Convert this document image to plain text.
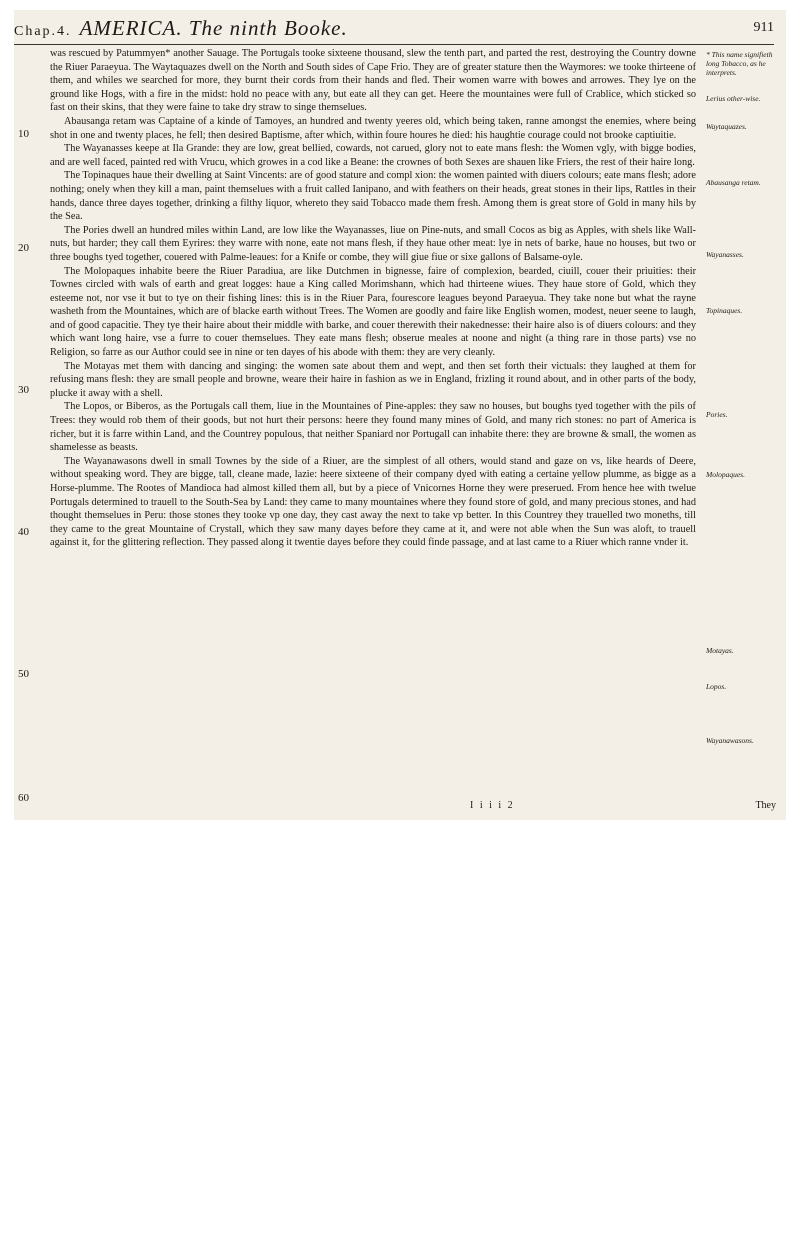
Chap.4. AMERICA. The ninth Booke.	911
10
20
30
40
50
60

was rescued by Patummyen* another Sauage. The Portugals tooke sixteene thousand, slew the tenth part, and parted the rest, destroying the Country downe the Riuer Paraeyua. The Waytaquazes dwell on the North and South sides of Cape Frio. They are of greater stature then the Waymores: we tooke thirteene of them, and whiles we searched for more, they burnt their cords from their hands and fled. Their women warre with bowes and arrowes. They lye on the ground like Hogs, with a fire in the midst: hold no peace with any, but eate all they can get. Heere the mountaines were full of Crablice, which sticked so fast on their skins, that they were faine to take dry straw to singe themselues.

Abausanga retam was Captaine of a kinde of Tamoyes, an hundred and twenty yeeres old, which being taken, ranne amongst the enemies, where being shot in one and twenty places, he fell; then desired Baptisme, after which, within foure houres he died: his haughtie courage could not brooke captiuitie.

The Wayanasses keepe at Ila Grande: they are low, great bellied, cowards, not carued, glory not to eate mans flesh: the Women vgly, with bigge bodies, and are well faced, painted red with Vrucu, which growes in a cod like a Beane: the crownes of both Sexes are shauen like Friers, the rest of their haire long.

The Topinaques haue their dwelling at Saint Vincents: are of good stature and compl xion: the women painted with diuers colours; eate mans flesh; adore nothing; onely when they kill a man, paint themselues with a fruit called Ianipano, and with feathers on their heads, great stones in their lips, Rattles in their hands, dance three dayes together, drinking a filthy liquor, whereto they said Tobacco made them fresh. Among them is great store of Gold in many hils by the Sea.

The Pories dwell an hundred miles within Land, are low like the Wayanasses, liue on Pine-nuts, and small Cocos as big as Apples, with shels like Wall-nuts, but harder; they call them Eyrires: they warre with none, eate not mans flesh, if they haue other meat: lye in nets of barke, haue no houses, but two or three boughs tyed together, couered with Palme-leaues: for a Knife or combe, they will giue fiue or sixe gallons of Balsame-oyle.

The Molopaques inhabite beere the Riuer Paradiua, are like Dutchmen in bignesse, faire of complexion, bearded, ciuill, couer their priuities: their Townes circled with wals of earth and great logges: haue a King called Morimshann, which had thirteene wiues. They haue store of Gold, which they esteeme not, nor vse it but to tye on their fishing lines: this is in the Riuer Para, fourescore leagues beyond Paraeyua. They take none but what the rayne washeth from the Mountaines, which are of blacke earth without Trees. The Women are goodly and faire like English women, modest, neuer seene to laugh, and of good capacitie. They tye their haire about their middle with barke, and couer therewith their nakednesse: their haire also is of diuers colours: and they which want long haire, vse a furre to couer themselues. They eate mans flesh; obserue meales at noone and night (a thing rare in those parts) vse no Religion, so farre as our Author could see in nine or ten dayes of his abode with them: they are very cleanly.

The Motayas met them with dancing and singing: the women sate about them and wept, and then set forth their victuals: they laughed at them for refusing mans flesh: they are small people and browne, weare their haire in fashion as we in England, frizling it round about, and in other parts of the body, plucke it away with a shell.

The Lopos, or Biberos, as the Portugals call them, liue in the Mountaines of Pine-apples: they saw no houses, but boughs tyed together with the pils of Trees: they would rob them of their goods, but not hurt their persons: heere they found many mines of Gold, and many rich stones: no part of America is richer, but it is farre within Land, and the Countrey populous, that neither Spaniard nor Portugall can inhabite there: they are browne & small, the women as shamelesse as beasts.

The Wayanawasons dwell in small Townes by the side of a Riuer, are the simplest of all others, would stand and gaze on vs, like heards of Deere, without speaking word. They are bigge, tall, cleane made, lazie: heere sixteene of their company dyed with eating a certaine yellow plumme, as bigge as a Horse-plumme. The Rootes of Mandioca had almost killed them all, but by a piece of Vnicornes Horne they were preserued. From hence hee with twelue Portugals determined to trauell to the South-Sea by Land: they came to many mountaines where they found store of gold, and many precious stones, and had thought themselues in Peru: those stones they tooke vp one day, they cast away the next to take vp better. In this Countrey they trauelled two moneths, till they came to the great Mountaine of Crystall, which they saw many dayes before they came at it, and were not able when the Sun was aloft, to trauell against it, for the glittering reflection. They passed along it twentie dayes before they could finde passage, and at last came to a Riuer which ranne vnder it.

* This name signifieth long Tobacco, as he interprets.
Lerius other-wise.
Waytaquazes.
Abausanga retam.
Wayanasses.
Topinaques.
Pories.
Molopaques.
Motayas.
Lopos.
Wayanawasons.
I i i i 2	They
